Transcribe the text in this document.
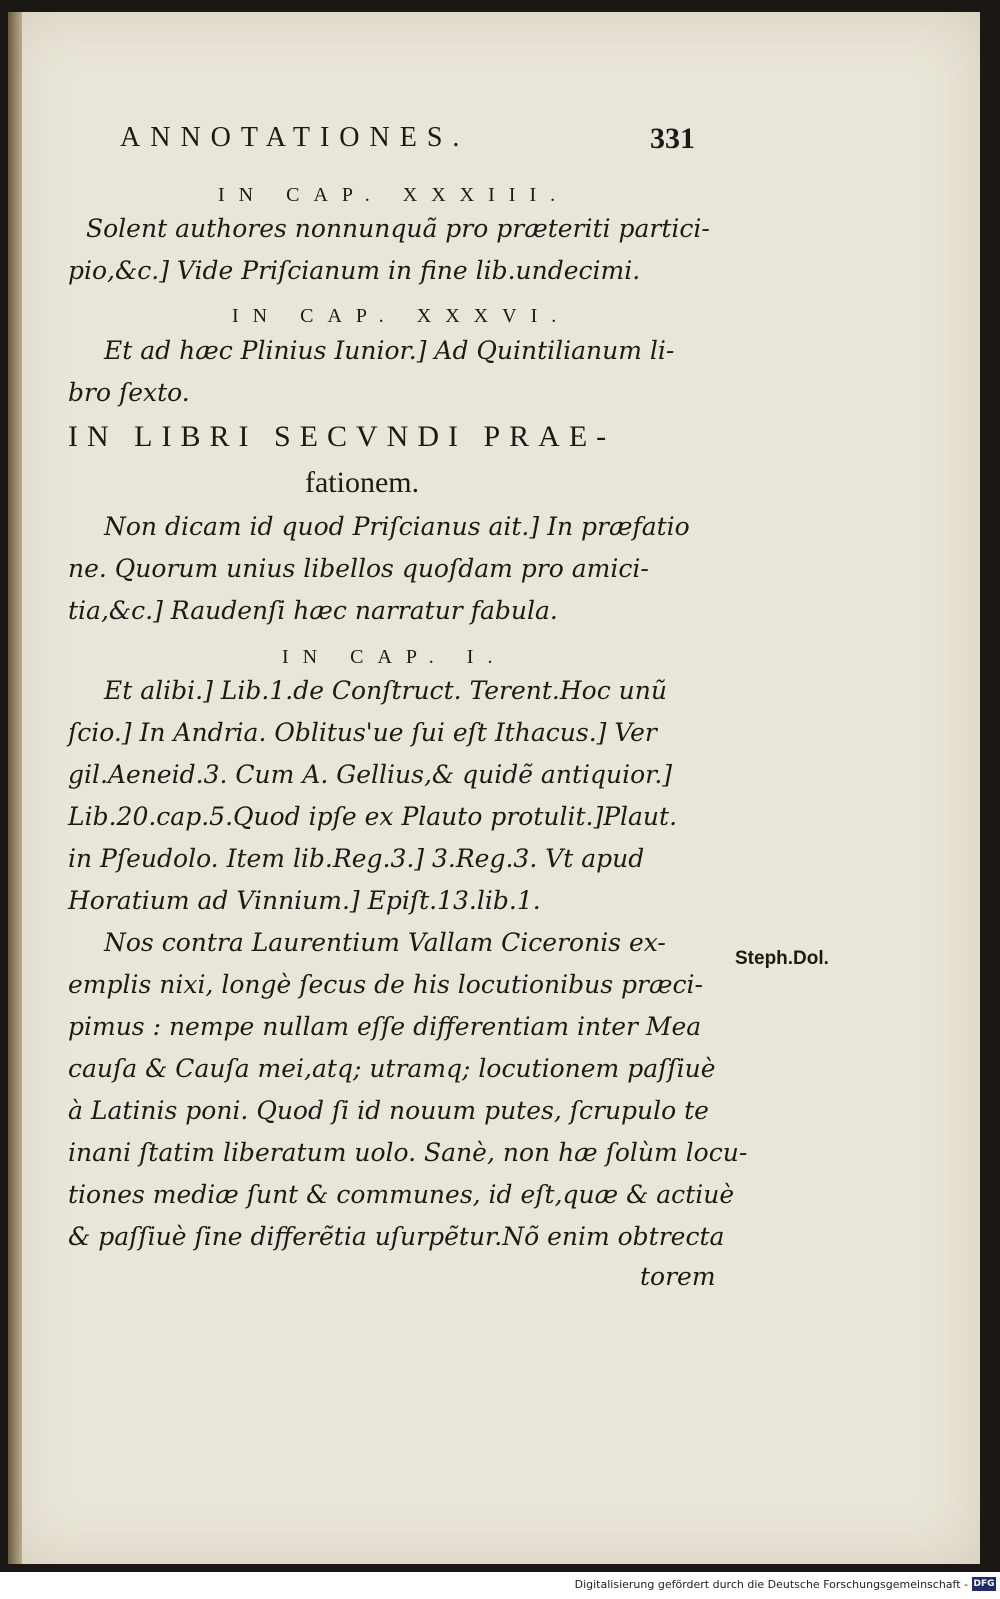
ANNOTATIONES.	331
IN CAP. XXXIII.
Solent authores nonnunquã pro præteriti partici-
pio,&c.] Vide Priſcianum in fine lib.undecimi.
IN CAP. XXXVI.
Et ad hæc Plinius Iunior.] Ad Quintilianum li-
bro ſexto.
IN LIBRI SECVNDI PRAE-
fationem.
Non dicam id quod Priſcianus ait.] In præfatio
ne. Quorum unius libellos quoſdam pro amici-
tia,&c.] Raudenſi hæc narratur fabula.
IN CAP. I.
Et alibi.] Lib.1.de Conſtruct. Terent.Hoc unũ
ſcio.] In Andria. Oblitus'ue ſui eſt Ithacus.] Ver
gil.Aeneid.3. Cum A. Gellius,& quidẽ antiquior.]
Lib.20.cap.5.Quod ipſe ex Plauto protulit.]Plaut.
in Pſeudolo. Item lib.Reg.3.] 3.Reg.3. Vt apud
Horatium ad Vinnium.] Epiſt.13.lib.1.
Nos contra Laurentium Vallam Ciceronis ex-
emplis nixi, longè ſecus de his locutionibus præci-
pimus : nempe nullam eſſe differentiam inter Mea
cauſa & Cauſa mei,atq; utramq; locutionem paſſiuè
à Latinis poni. Quod ſi id nouum putes, ſcrupulo te
inani ſtatim liberatum uolo. Sanè, non hæ ſolùm locu-
tiones mediæ ſunt & communes, id eſt,quæ & actiuè
& paſſiuè ſine differẽtia uſurpẽtur.Nõ enim obtrecta
torem
Steph.Dol.
Digitalisierung gefördert durch die Deutsche Forschungsgemeinschaft - DFG
